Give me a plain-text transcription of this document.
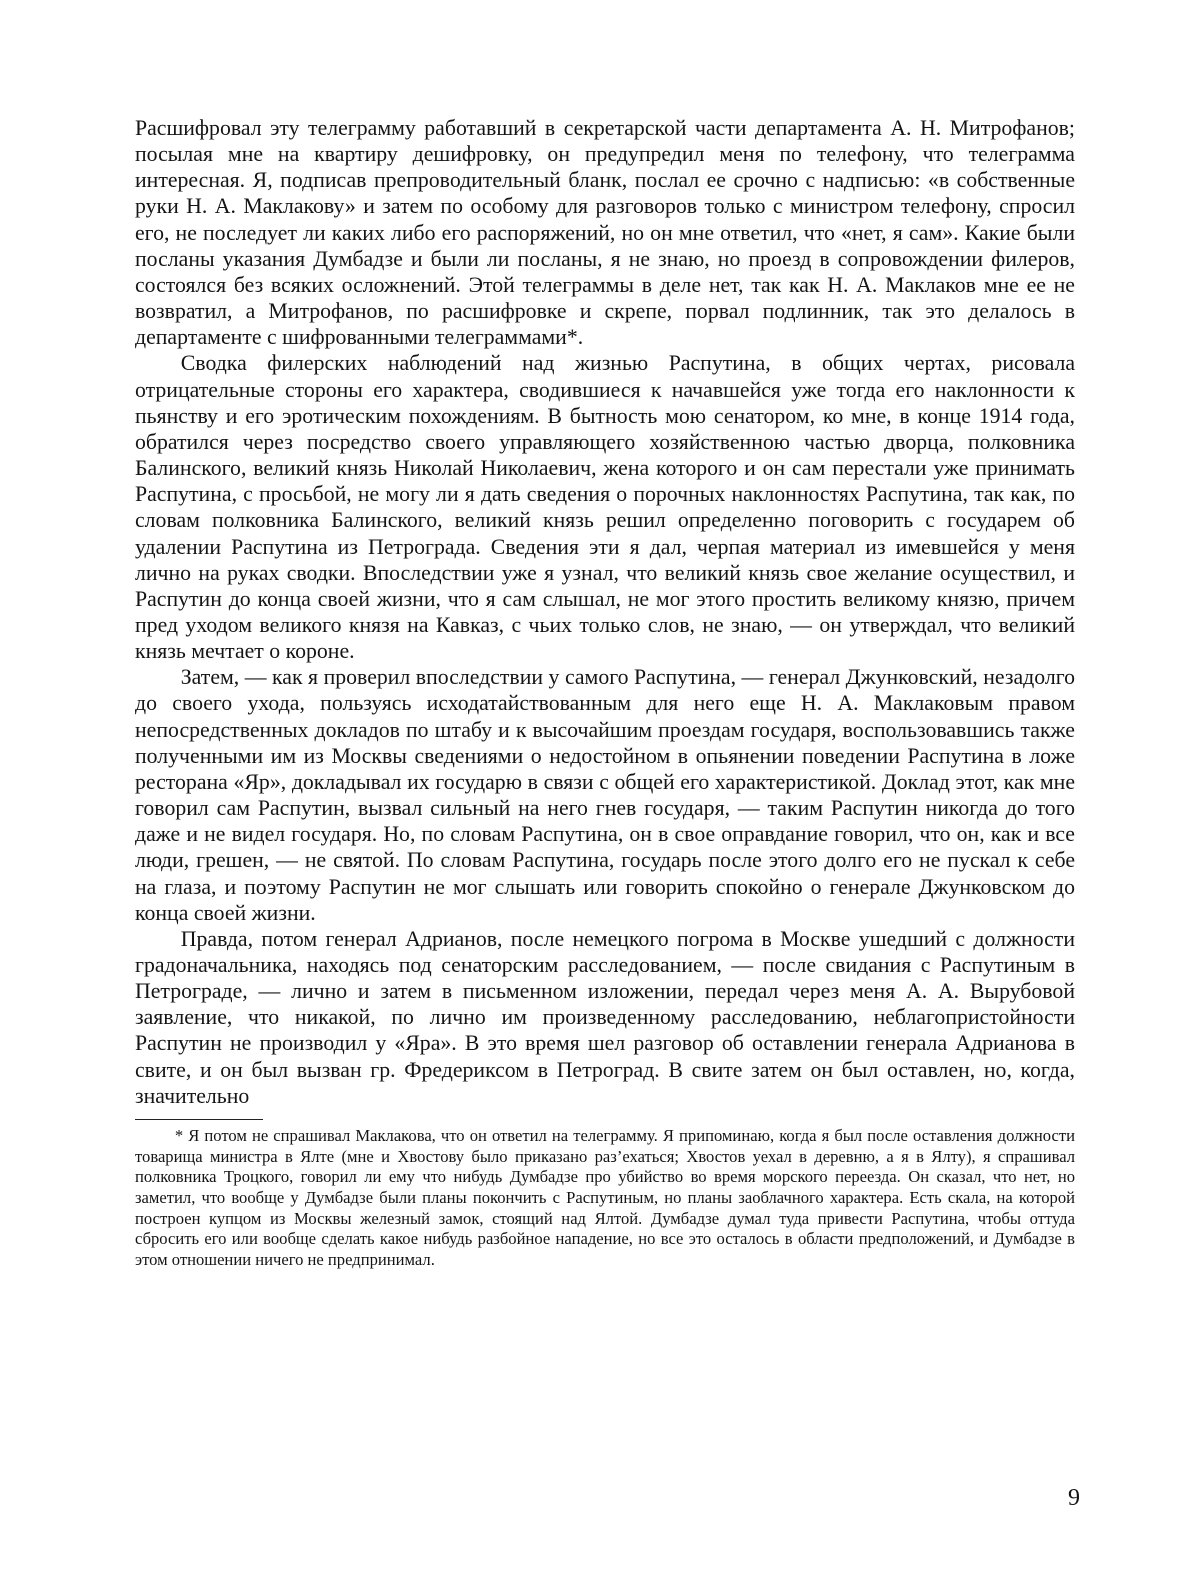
Расшифровал эту телеграмму работавший в секретарской части департамента А. Н. Митрофанов; посылая мне на квартиру дешифровку, он предупредил меня по телефону, что телеграмма интересная. Я, подписав препроводительный бланк, послал ее срочно с надписью: «в собственные руки Н. А. Маклакову» и затем по особому для разговоров только с министром телефону, спросил его, не последует ли каких либо его распоряжений, но он мне ответил, что «нет, я сам». Какие были посланы указания Думбадзе и были ли посланы, я не знаю, но проезд в сопровождении филеров, состоялся без всяких осложнений. Этой телеграммы в деле нет, так как Н. А. Маклаков мне ее не возвратил, а Митрофанов, по расшифровке и скрепе, порвал подлинник, так это делалось в департаменте с шифрованными телеграммами*.

Сводка филерских наблюдений над жизнью Распутина, в общих чертах, рисовала отрицательные стороны его характера, сводившиеся к начавшейся уже тогда его наклонности к пьянству и его эротическим похождениям. В бытность мою сенатором, ко мне, в конце 1914 года, обратился через посредство своего управляющего хозяйственною частью дворца, полковника Балинского, великий князь Николай Николаевич, жена которого и он сам перестали уже принимать Распутина, с просьбой, не могу ли я дать сведения о порочных наклонностях Распутина, так как, по словам полковника Балинского, великий князь решил определенно поговорить с государем об удалении Распутина из Петрограда. Сведения эти я дал, черпая материал из имевшейся у меня лично на руках сводки. Впоследствии уже я узнал, что великий князь свое желание осуществил, и Распутин до конца своей жизни, что я сам слышал, не мог этого простить великому князю, причем пред уходом великого князя на Кавказ, с чьих только слов, не знаю, — он утверждал, что великий князь мечтает о короне.

Затем, — как я проверил впоследствии у самого Распутина, — генерал Джунковский, незадолго до своего ухода, пользуясь исходатайствованным для него еще Н. А. Маклаковым правом непосредственных докладов по штабу и к высочайшим проездам государя, воспользовавшись также полученными им из Москвы сведениями о недостойном в опьянении поведении Распутина в ложе ресторана «Яр», докладывал их государю в связи с общей его характеристикой. Доклад этот, как мне говорил сам Распутин, вызвал сильный на него гнев государя, — таким Распутин никогда до того даже и не видел государя. Но, по словам Распутина, он в свое оправдание говорил, что он, как и все люди, грешен, — не святой. По словам Распутина, государь после этого долго его не пускал к себе на глаза, и поэтому Распутин не мог слышать или говорить спокойно о генерале Джунковском до конца своей жизни.

Правда, потом генерал Адрианов, после немецкого погрома в Москве ушедший с должности градоначальника, находясь под сенаторским расследованием, — после свидания с Распутиным в Петрограде, — лично и затем в письменном изложении, передал через меня А. А. Вырубовой заявление, что никакой, по лично им произведенному расследованию, неблагопристойности Распутин не производил у «Яра». В это время шел разговор об оставлении генерала Адрианова в свите, и он был вызван гр. Фредериксом в Петроград. В свите затем он был оставлен, но, когда, значительно

* Я потом не спрашивал Маклакова, что он ответил на телеграмму. Я припоминаю, когда я был после оставления должности товарища министра в Ялте (мне и Хвостову было приказано раз’ехаться; Хвостов уехал в деревню, а я в Ялту), я спрашивал полковника Троцкого, говорил ли ему что нибудь Думбадзе про убийство во время морского переезда. Он сказал, что нет, но заметил, что вообще у Думбадзе были планы покончить с Распутиным, но планы заоблачного характера. Есть скала, на которой построен купцом из Москвы железный замок, стоящий над Ялтой. Думбадзе думал туда привести Распутина, чтобы оттуда сбросить его или вообще сделать какое нибудь разбойное нападение, но все это осталось в области предположений, и Думбадзе в этом отношении ничего не предпринимал.

9
